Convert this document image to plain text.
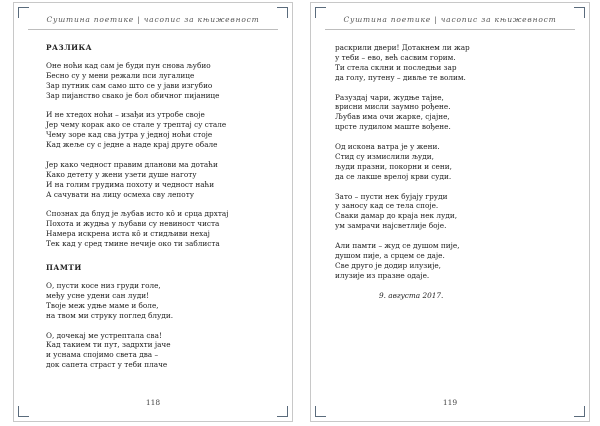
Суштина поетике | часопис за књижевност
РАЗЛИКА
Оне ноћи кад сам је буди пун снова љубио
Бесно су у мени режали пси лугалице
Зар путник сам само што се у јави изгубио
Зар пијанство свако је бол обичног пијанице
И не хтедох ноћи – изађи из утробе своје
Јер чему корак ако се стале у трептај су стале
Чему зоре кад сва јутра у једној ноћи стоје
Кад жеље су с једне а наде крај друге обале
Јер како чедност правим дланови ма дотаћи
Како детету у жени узети душе наготу
И на голим грудима похоту и чедност наћи
А сачувати на лицу осмеха сву лепоту
Спознах да блуд је љубав исто кô и срца дрхтај
Похота и жудња у љубави су невиност чиста
Намера искрена иста кô и стидљиви нехај
Тек кад у сред тмине нечије око ти заблиста
ПАМТИ
О, пусти косе низ груди голе,
међу усне удени сан луди!
Твоје меж удње маме и боле,
на твом ми струку поглед блуди.
О, дочекај ме устрептала сва!
Кад такием ти пут, задрхти јаче
и уснама спојимо света два –
док сапета страст у теби плаче
118
Суштина поетике | часопис за књижевност
раскрили двери! Дотакнем ли жар
у теби – ево, већ сасвим горим.
Ти стела склни и последњи зар
да голу, путену – дивље те волим.
Разуздај чари, жудње тајне,
врисни мисли заумно рођене.
Љубав има очи жарке, сјајне,
црсте лудилом маште вођене.
Од искона ватра је у жени.
Стид су измислили људи,
људи празни, покорни и сени,
да се лакше врелој крви суди.
Зато – пусти нек бујају груди
у заносу кад се тела споје.
Сваки дамар до краја нек луди,
ум замрачи најсветлије боје.
Али памти – жуд се душом пије,
душом пије, а срцем се даје.
Све друго је додир илузије,
илузије из празне одаје.
9. августа 2017.
119
